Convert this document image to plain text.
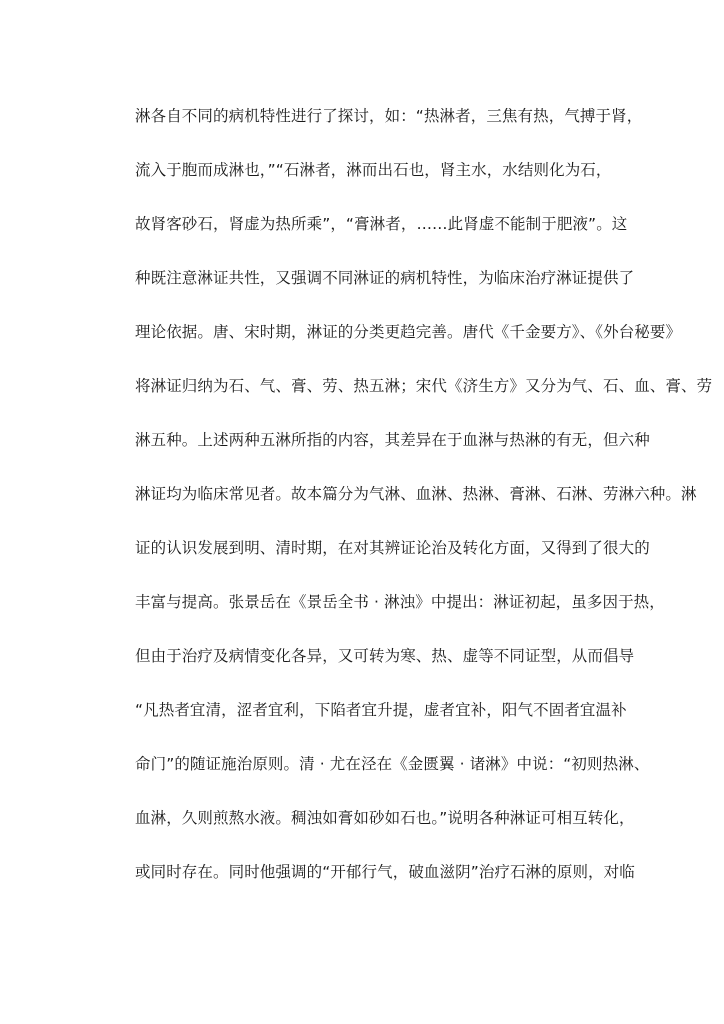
淋各自不同的病机特性进行了探讨，如：“热淋者，三焦有热，气搏于肾，
流入于胞而成淋也，”“石淋者，淋而出石也，肾主水，水结则化为石，
故肾客砂石，肾虚为热所乘”，“膏淋者，……此肾虚不能制于肥液”。这
种既注意淋证共性，又强调不同淋证的病机特性，为临床治疗淋证提供了
理论依据。唐、宋时期，淋证的分类更趋完善。唐代《千金要方》、《外台秘要》
将淋证归纳为石、气、膏、劳、热五淋；宋代《济生方》又分为气、石、血、膏、劳
淋五种。上述两种五淋所指的内容，其差异在于血淋与热淋的有无，但六种
淋证均为临床常见者。故本篇分为气淋、血淋、热淋、膏淋、石淋、劳淋六种。淋
证的认识发展到明、清时期，在对其辨证论治及转化方面，又得到了很大的
丰富与提高。张景岳在《景岳全书 · 淋浊》中提出：淋证初起，虽多因于热，
但由于治疗及病情变化各异，又可转为寒、热、虚等不同证型，从而倡导
“凡热者宜清，涩者宜利，下陷者宜升提，虚者宜补，阳气不固者宜温补
命门”的随证施治原则。清 · 尤在泾在《金匮翼 · 诸淋》中说：“初则热淋、
血淋，久则煎熬水液。稠浊如膏如砂如石也。”说明各种淋证可相互转化，
或同时存在。同时他强调的“开郁行气，破血滋阴”治疗石淋的原则，对临
